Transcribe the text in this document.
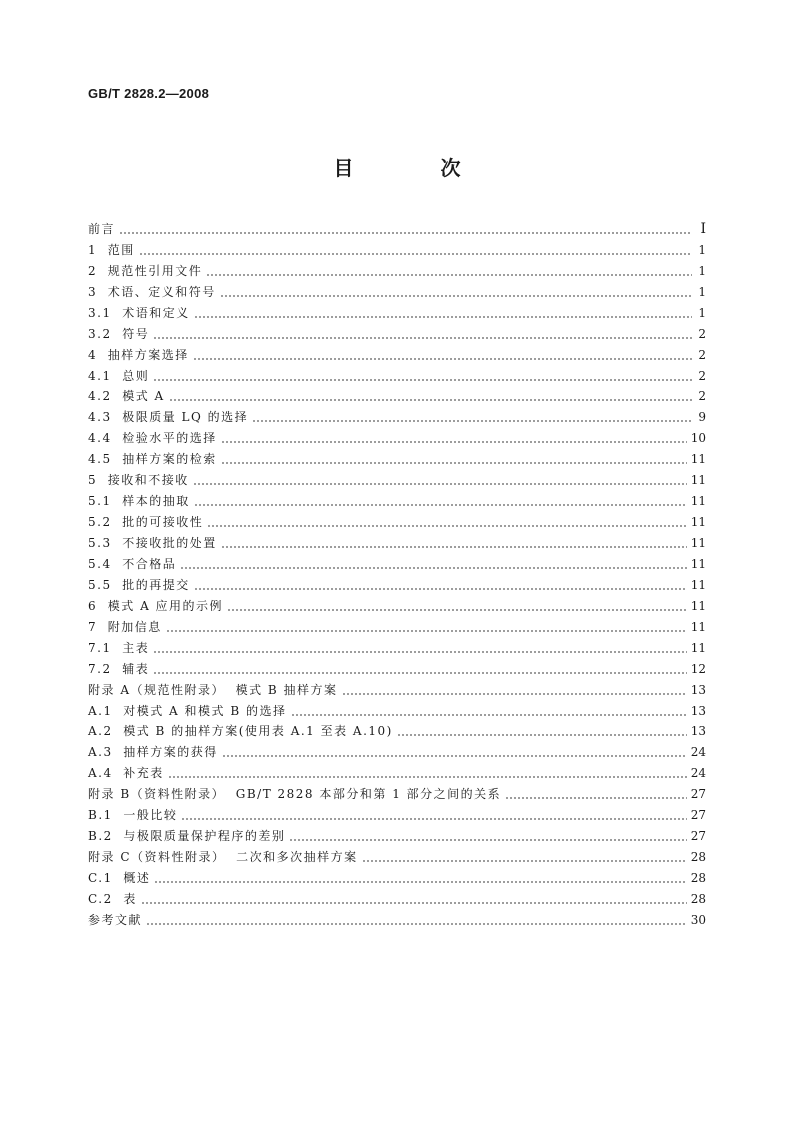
GB/T 2828.2—2008
目 次
前言	I
1  范围	1
2  规范性引用文件	1
3  术语、定义和符号	1
3.1  术语和定义	1
3.2  符号	2
4  抽样方案选择	2
4.1  总则	2
4.2  模式 A	2
4.3  极限质量 LQ 的选择	9
4.4  检验水平的选择	10
4.5  抽样方案的检索	11
5  接收和不接收	11
5.1  样本的抽取	11
5.2  批的可接收性	11
5.3  不接收批的处置	11
5.4  不合格品	11
5.5  批的再提交	11
6  模式 A 应用的示例	11
7  附加信息	11
7.1  主表	11
7.2  辅表	12
附录 A（规范性附录）  模式 B 抽样方案	13
A.1  对模式 A 和模式 B 的选择	13
A.2  模式 B 的抽样方案(使用表 A.1 至表 A.10)	13
A.3  抽样方案的获得	24
A.4  补充表	24
附录 B（资料性附录）  GB/T 2828 本部分和第 1 部分之间的关系	27
B.1  一般比较	27
B.2  与极限质量保护程序的差别	27
附录 C（资料性附录）  二次和多次抽样方案	28
C.1  概述	28
C.2  表	28
参考文献	30
